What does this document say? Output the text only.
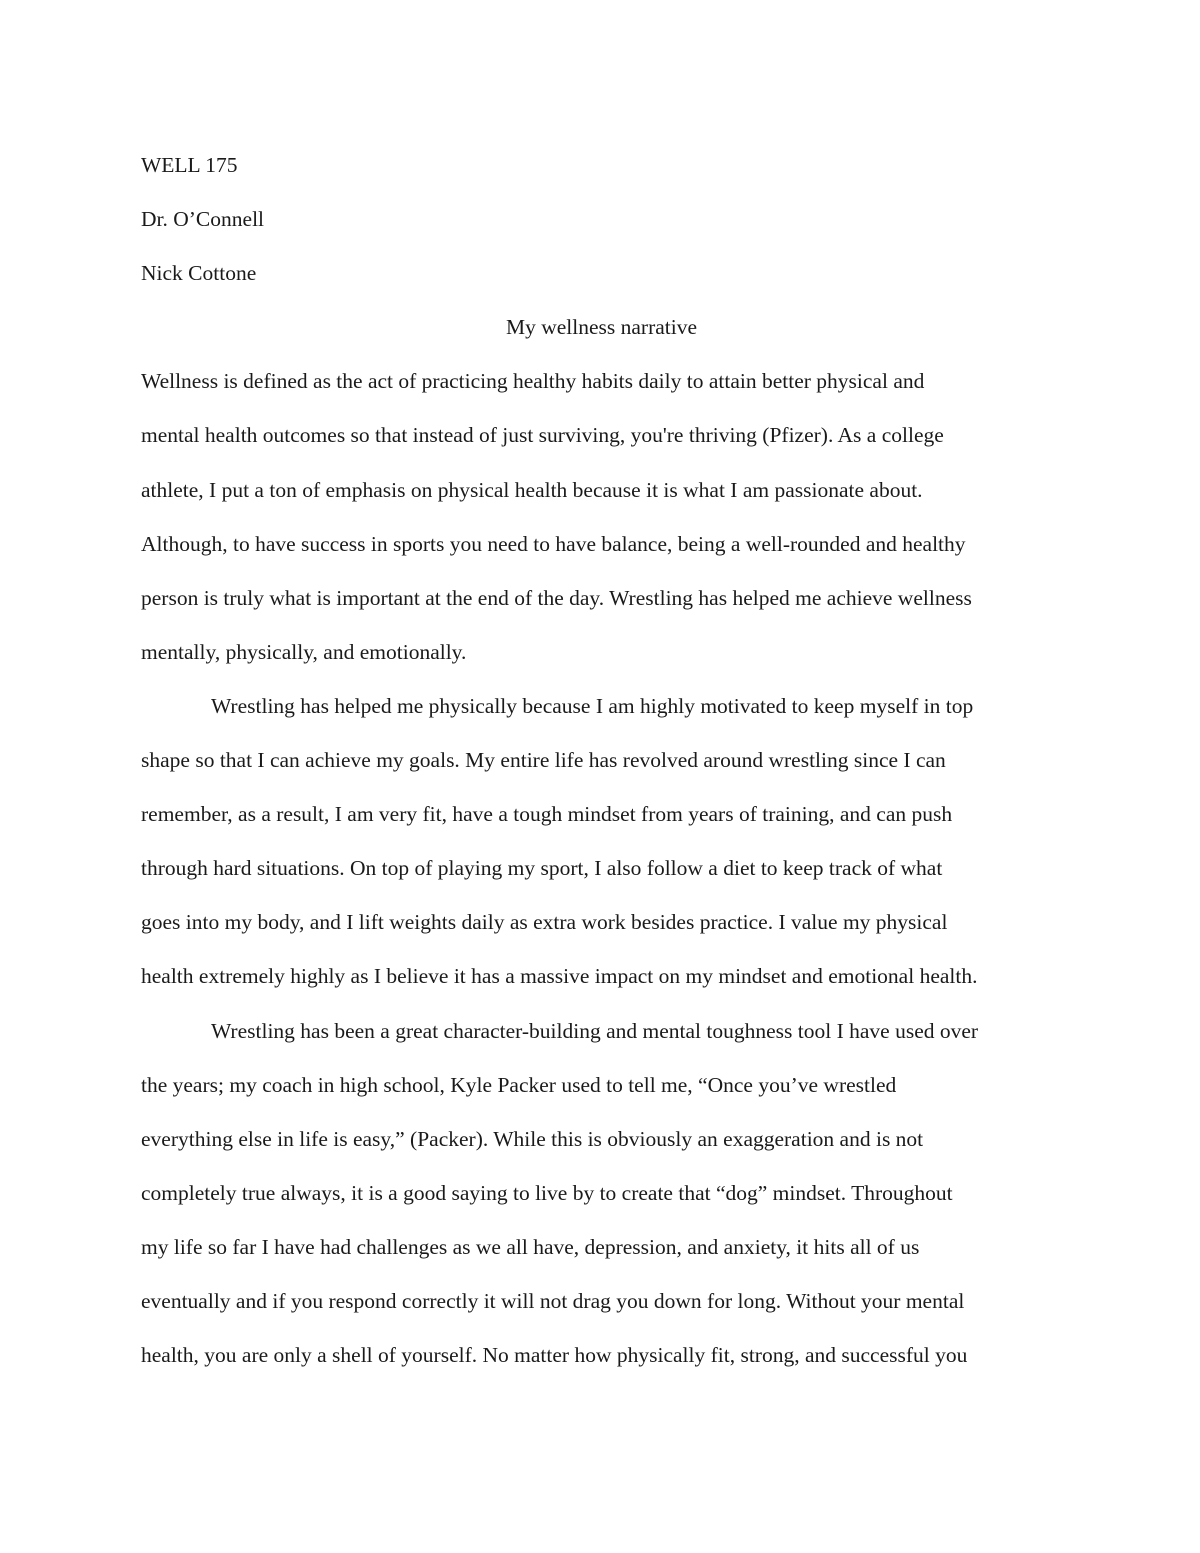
WELL 175
Dr. O’Connell
Nick Cottone
My wellness narrative
Wellness is defined as the act of practicing healthy habits daily to attain better physical and
mental health outcomes so that instead of just surviving, you're thriving (Pfizer). As a college
athlete, I put a ton of emphasis on physical health because it is what I am passionate about.
Although, to have success in sports you need to have balance, being a well-rounded and healthy
person is truly what is important at the end of the day. Wrestling has helped me achieve wellness
mentally, physically, and emotionally.
Wrestling has helped me physically because I am highly motivated to keep myself in top
shape so that I can achieve my goals. My entire life has revolved around wrestling since I can
remember, as a result, I am very fit, have a tough mindset from years of training, and can push
through hard situations. On top of playing my sport, I also follow a diet to keep track of what
goes into my body, and I lift weights daily as extra work besides practice. I value my physical
health extremely highly as I believe it has a massive impact on my mindset and emotional health.
Wrestling has been a great character-building and mental toughness tool I have used over
the years; my coach in high school, Kyle Packer used to tell me, “Once you’ve wrestled
everything else in life is easy,” (Packer). While this is obviously an exaggeration and is not
completely true always, it is a good saying to live by to create that “dog” mindset. Throughout
my life so far I have had challenges as we all have, depression, and anxiety, it hits all of us
eventually and if you respond correctly it will not drag you down for long. Without your mental
health, you are only a shell of yourself. No matter how physically fit, strong, and successful you
